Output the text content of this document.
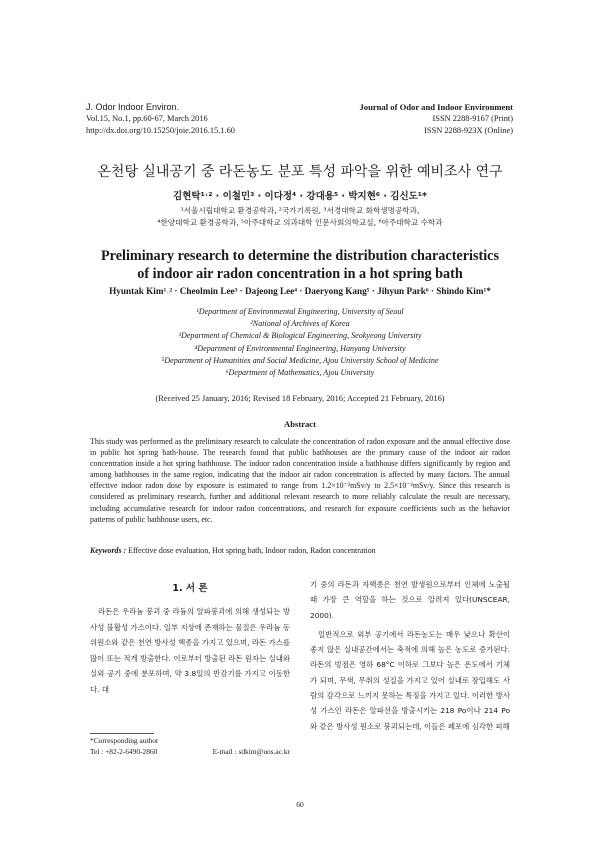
J. Odor Indoor Environ.
Vol.15, No.1, pp.60-67, March 2016
http://dx.doi.org/10.15250/joie.2016.15.1.60
Journal of Odor and Indoor Environment
ISSN 2288-9167 (Print)
ISSN 2288-923X (Online)
온천탕 실내공기 중 라돈농도 분포 특성 파악을 위한 예비조사 연구
김현탁¹˒² · 이철민³ · 이다정⁴ · 강대용⁵ · 박지현⁶ · 김신도¹*
¹서울시립대학교 환경공학과, ²국가기록원, ³서경대학교 화학생명공학과,
⁴한양대학교 환경공학과, ⁵아주대학교 의과대학 인문사회의학교실, ⁶아주대학교 수학과
Preliminary research to determine the distribution characteristics
of indoor air radon concentration in a hot spring bath
Hyuntak Kim¹˒² · Cheolmin Lee³ · Dajeong Lee⁴ · Daeryong Kang⁵ · Jihyun Park⁶ · Shindo Kim¹*
¹Department of Environmental Engineering, University of Seoul
²National of Archives of Korea
³Department of Chemical & Biological Engineering, Seokyeong University
⁴Department of Environmental Engineering, Hanyang University
⁵Department of Humanities and Social Medicine, Ajou University School of Medicine
⁶Department of Mathematics, Ajou University
(Received 25 January, 2016; Revised 18 February, 2016; Accepted 21 February, 2016)
Abstract
This study was performed as the preliminary research to calculate the concentration of radon exposure and the annual effective dose in public hot spring bath-house. The research found that public bathhouses are the primary cause of the indoor air radon concentration inside a hot spring bathhouse. The indoor radon concentration inside a bathhouse differs significantly by region and among bathhouses in the same region, indicating that the indoor air radon concentration is affected by many factors. The annual effective indoor radon dose by exposure is estimated to range from 1.2×10⁻²mSv/y to 2.5×10⁻²mSv/y. Since this research is considered as preliminary research, further and additional relevant research to more reliably calculate the result are necessary, including accumulative research for indoor radon concentrations, and research for exposure coefficients such as the behavior patterns of public bathhouse users, etc.
Keywords : Effective dose evaluation, Hot spring bath, Indoor radon, Radon concentration
1. 서 론

라돈은 우라늄 붕괴 중 라듐의 알파붕괴에 의해 생성되는 방사성 불활성 가스이다. 일부 지상에 존재하는 물질은 우라늄 동위원소와 같은 천연 방사성 핵종을 가지고 있으며, 라돈 가스를 많이 또는 적게 방출한다. 이로부터 방출된 라돈 원자는 실내와 실외 공기 중에 분포하며, 약 3.8일의 반감기를 가지고 이동한다. 대

기 중의 라돈과 자핵종은 천연 발생원으로부터 인체에 노출될 때 가장 큰 역할을 하는 것으로 알려져 있다(UNSCEAR, 2000).

일반적으로 외부 공기에서 라돈농도는 매우 낮으나 확산이 좋지 않은 실내공간에서는 축적에 의해 높은 농도로 증가된다. 라돈의 빙점은 영하 68°C 이하로 그보다 높은 온도에서 기체가 되며, 무색, 무취의 성질을 가지고 있어 실내로 잠입해도 사람의 감각으로 느끼지 못하는 특징을 가지고 있다. 이러한 방사성 가스인 라돈은 알파선을 방출시키는 218 Po이나 214 Po와 같은 방사성 원소로 붕괴되는데, 이들은 폐포에 심각한 피해

*Corresponding author
Tel : +82-2-6490-2860	E-mail : sdkim@uos.ac.kr
60
